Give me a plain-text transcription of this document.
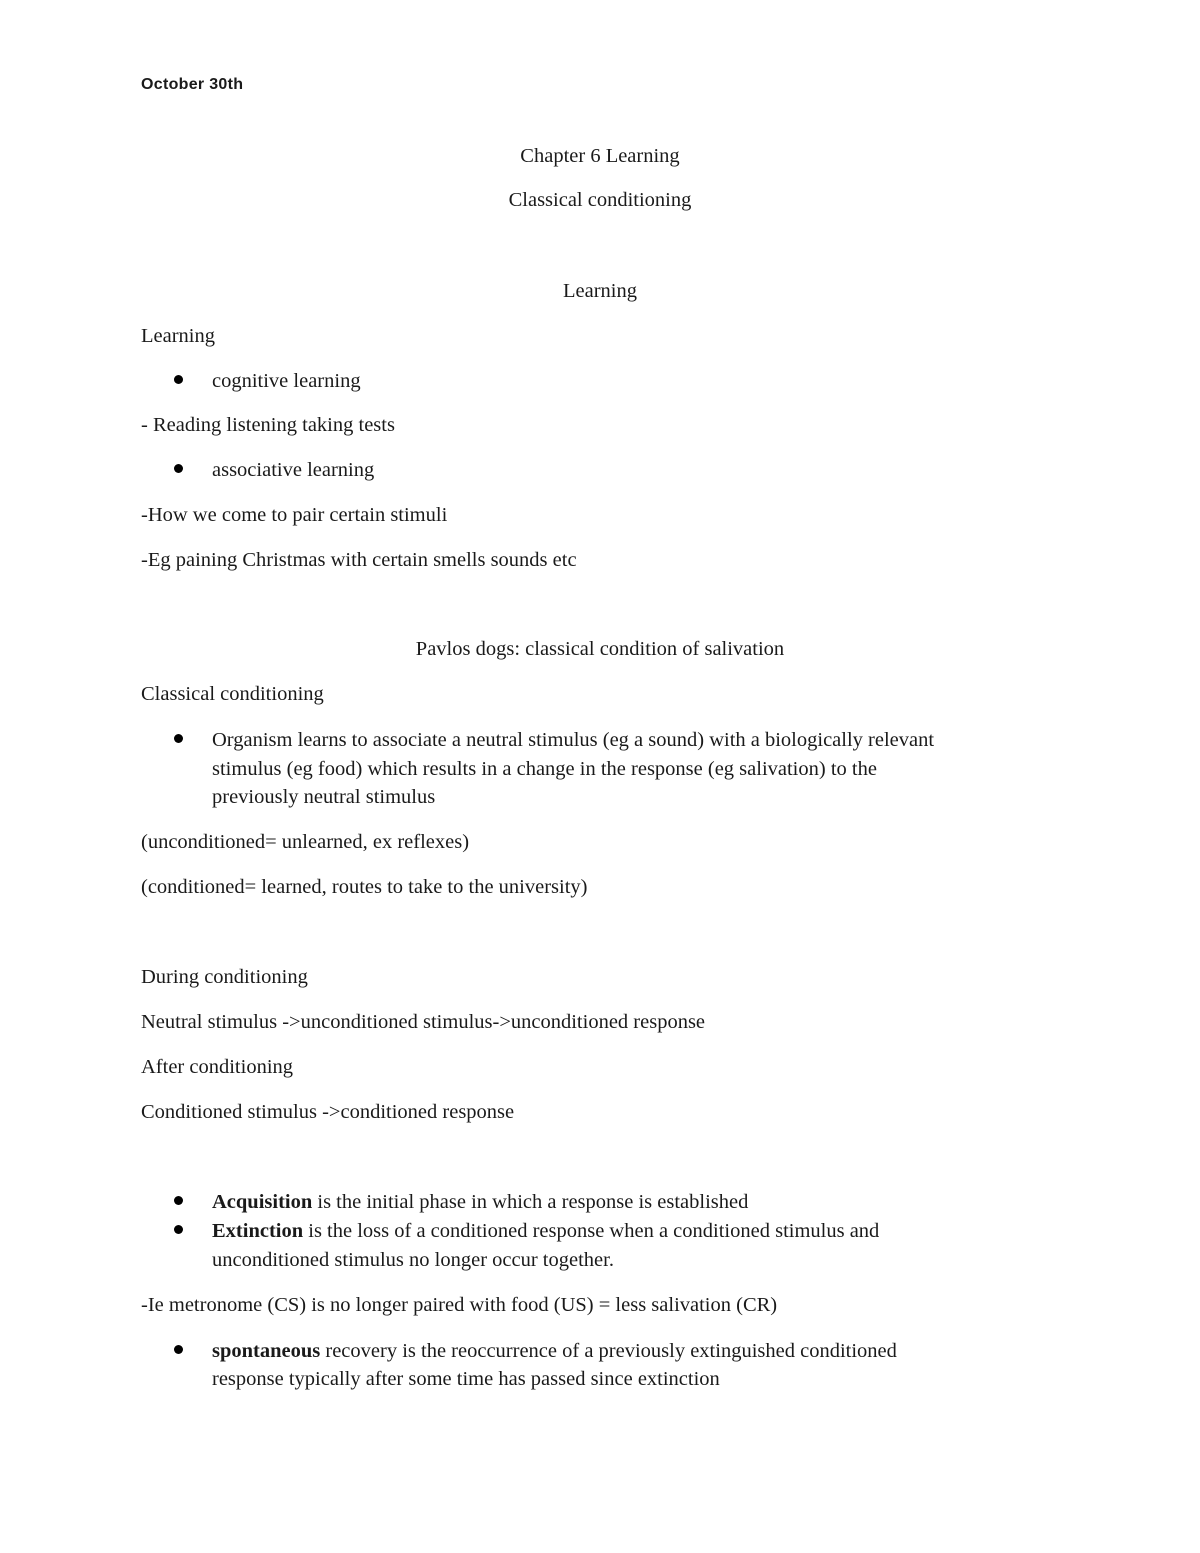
October 30th
Chapter 6 Learning
Classical conditioning
Learning
Learning
cognitive learning
- Reading listening taking tests
associative learning
-How we come to pair certain stimuli
-Eg paining Christmas with certain smells sounds etc
Pavlos dogs: classical condition of salivation
Classical conditioning
Organism learns to associate a neutral stimulus (eg a sound) with a biologically relevant
stimulus (eg food) which results in a change in the response (eg salivation) to the
previously neutral stimulus
(unconditioned= unlearned, ex reflexes)
(conditioned= learned, routes to take to the university)
During conditioning
Neutral stimulus ->unconditioned stimulus->unconditioned response
After conditioning
Conditioned stimulus ->conditioned response
Acquisition is the initial phase in which a response is established
Extinction is the loss of a conditioned response when a conditioned stimulus and
unconditioned stimulus no longer occur together.
-Ie metronome (CS) is no longer paired with food (US) = less salivation (CR)
spontaneous recovery is the reoccurrence of a previously extinguished conditioned
response typically after some time has passed since extinction
